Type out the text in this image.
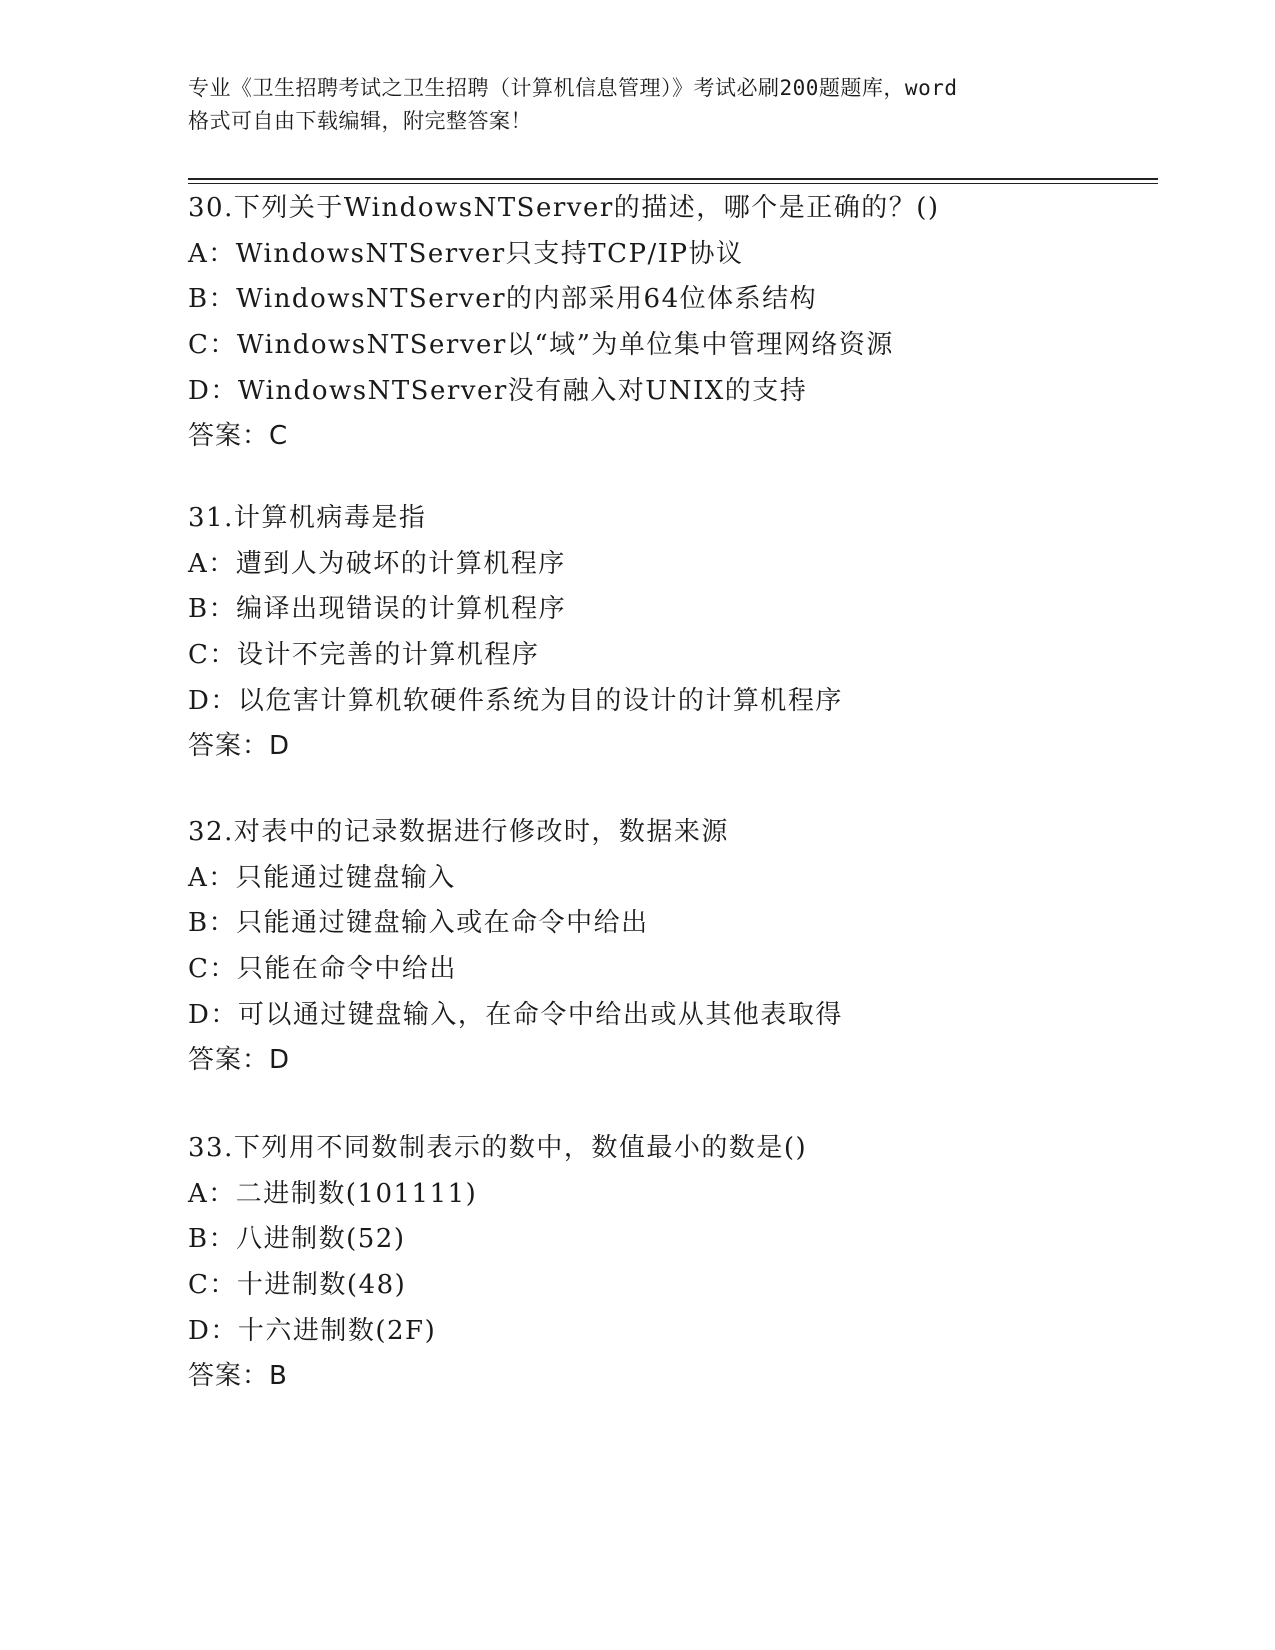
专业《卫生招聘考试之卫生招聘（计算机信息管理）》考试必刷200题题库，word
格式可自由下载编辑，附完整答案！
30.下列关于WindowsNTServer的描述，哪个是正确的？()
A：WindowsNTServer只支持TCP/IP协议
B：WindowsNTServer的内部采用64位体系结构
C：WindowsNTServer以“域”为单位集中管理网络资源
D：WindowsNTServer没有融入对UNIX的支持
答案：C
31.计算机病毒是指
A：遭到人为破坏的计算机程序
B：编译出现错误的计算机程序
C：设计不完善的计算机程序
D：以危害计算机软硬件系统为目的设计的计算机程序
答案：D
32.对表中的记录数据进行修改时，数据来源
A：只能通过键盘输入
B：只能通过键盘输入或在命令中给出
C：只能在命令中给出
D：可以通过键盘输入，在命令中给出或从其他表取得
答案：D
33.下列用不同数制表示的数中，数值最小的数是()
A：二进制数(101111)
B：八进制数(52)
C：十进制数(48)
D：十六进制数(2F)
答案：B
